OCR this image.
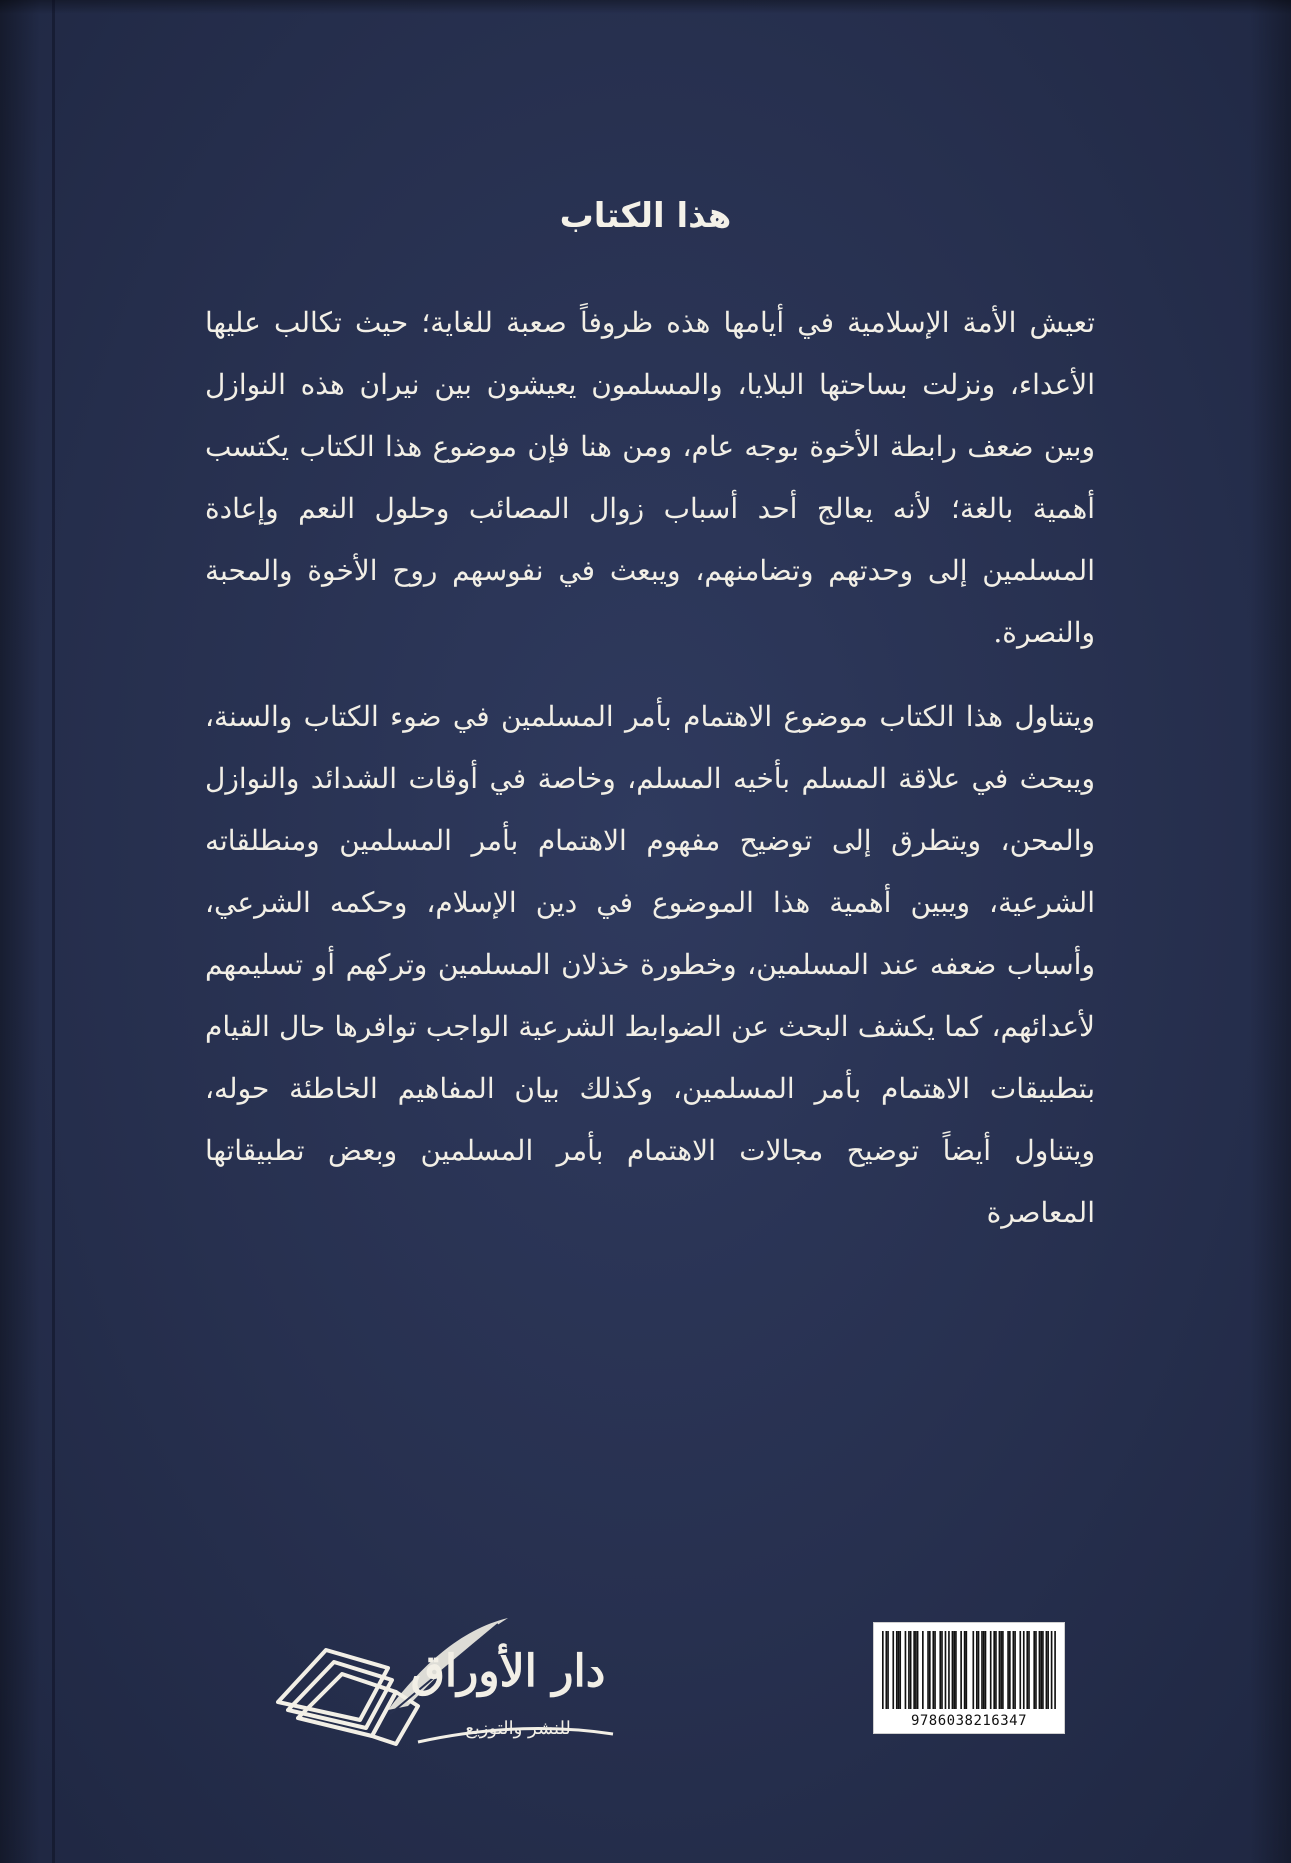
هذا الكتاب

تعيش الأمة الإسلامية في أيامها هذه ظروفاً صعبة للغاية؛ حيث تكالب عليها الأعداء، ونزلت بساحتها البلايا، والمسلمون يعيشون بين نيران هذه النوازل وبين ضعف رابطة الأخوة بوجه عام، ومن هنا فإن موضوع هذا الكتاب يكتسب أهمية بالغة؛ لأنه يعالج أحد أسباب زوال المصائب وحلول النعم وإعادة المسلمين إلى وحدتهم وتضامنهم، ويبعث في نفوسهم روح الأخوة والمحبة والنصرة.

ويتناول هذا الكتاب موضوع الاهتمام بأمر المسلمين في ضوء الكتاب والسنة، ويبحث في علاقة المسلم بأخيه المسلم، وخاصة في أوقات الشدائد والنوازل والمحن، ويتطرق إلى توضيح مفهوم الاهتمام بأمر المسلمين ومنطلقاته الشرعية، ويبين أهمية هذا الموضوع في دين الإسلام، وحكمه الشرعي، وأسباب ضعفه عند المسلمين، وخطورة خذلان المسلمين وتركهم أو تسليمهم لأعدائهم، كما يكشف البحث عن الضوابط الشرعية الواجب توافرها حال القيام بتطبيقات الاهتمام بأمر المسلمين، وكذلك بيان المفاهيم الخاطئة حوله، ويتناول أيضاً توضيح مجالات الاهتمام بأمر المسلمين وبعض تطبيقاتها المعاصرة

9786038216347
دار الأوراق
للنشر والتوزيع
